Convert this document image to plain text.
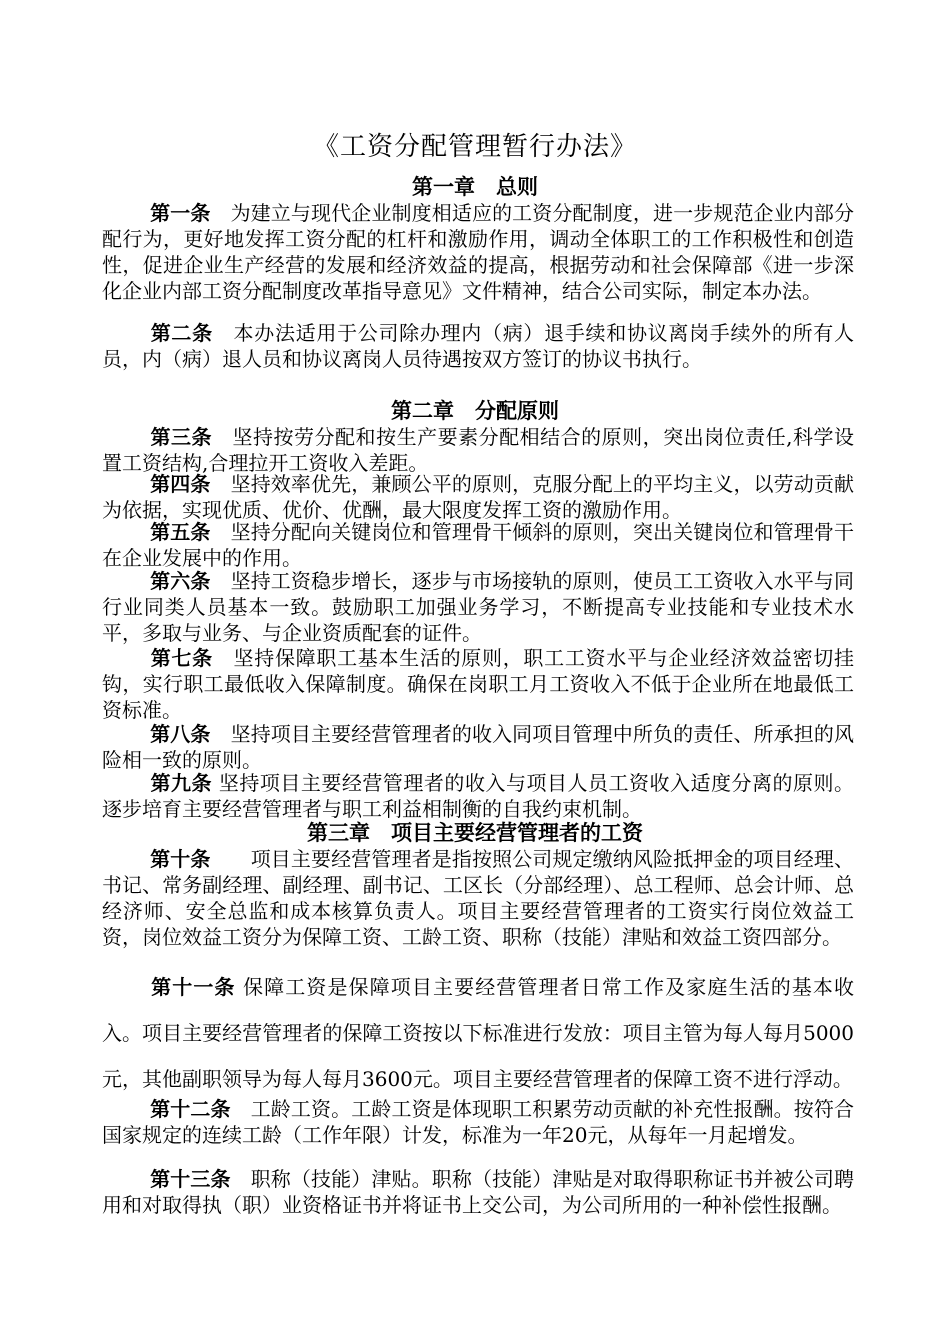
《工资分配管理暂行办法》
第一章　总则
第一条　为建立与现代企业制度相适应的工资分配制度，进一步规范企业内部分配行为，更好地发挥工资分配的杠杆和激励作用，调动全体职工的工作积极性和创造性，促进企业生产经营的发展和经济效益的提高，根据劳动和社会保障部《进一步深化企业内部工资分配制度改革指导意见》文件精神，结合公司实际，制定本办法。
第二条　本办法适用于公司除办理内（病）退手续和协议离岗手续外的所有人员，内（病）退人员和协议离岗人员待遇按双方签订的协议书执行。
第二章　分配原则
第三条　坚持按劳分配和按生产要素分配相结合的原则，突出岗位责任,科学设置工资结构,合理拉开工资收入差距。
第四条　坚持效率优先，兼顾公平的原则，克服分配上的平均主义，以劳动贡献为依据，实现优质、优价、优酬，最大限度发挥工资的激励作用。
第五条　坚持分配向关键岗位和管理骨干倾斜的原则，突出关键岗位和管理骨干在企业发展中的作用。
第六条　坚持工资稳步增长，逐步与市场接轨的原则，使员工工资收入水平与同行业同类人员基本一致。鼓励职工加强业务学习，不断提高专业技能和专业技术水平，多取与业务、与企业资质配套的证件。
第七条　坚持保障职工基本生活的原则，职工工资水平与企业经济效益密切挂钩，实行职工最低收入保障制度。确保在岗职工月工资收入不低于企业所在地最低工资标准。
第八条　坚持项目主要经营管理者的收入同项目管理中所负的责任、所承担的风险相一致的原则。
第九条 坚持项目主要经营管理者的收入与项目人员工资收入适度分离的原则。逐步培育主要经营管理者与职工利益相制衡的自我约束机制。
第三章　项目主要经营管理者的工资
第十条　　项目主要经营管理者是指按照公司规定缴纳风险抵押金的项目经理、书记、常务副经理、副经理、副书记、工区长（分部经理）、总工程师、总会计师、总经济师、安全总监和成本核算负责人。项目主要经营管理者的工资实行岗位效益工资，岗位效益工资分为保障工资、工龄工资、职称（技能）津贴和效益工资四部分。
第十一条 保障工资是保障项目主要经营管理者日常工作及家庭生活的基本收入。项目主要经营管理者的保障工资按以下标准进行发放：项目主管为每人每月5000元，其他副职领导为每人每月3600元。项目主要经营管理者的保障工资不进行浮动。
第十二条　工龄工资。工龄工资是体现职工积累劳动贡献的补充性报酬。按符合国家规定的连续工龄（工作年限）计发，标准为一年20元，从每年一月起增发。
第十三条　职称（技能）津贴。职称（技能）津贴是对取得职称证书并被公司聘用和对取得执（职）业资格证书并将证书上交公司，为公司所用的一种补偿性报酬。
